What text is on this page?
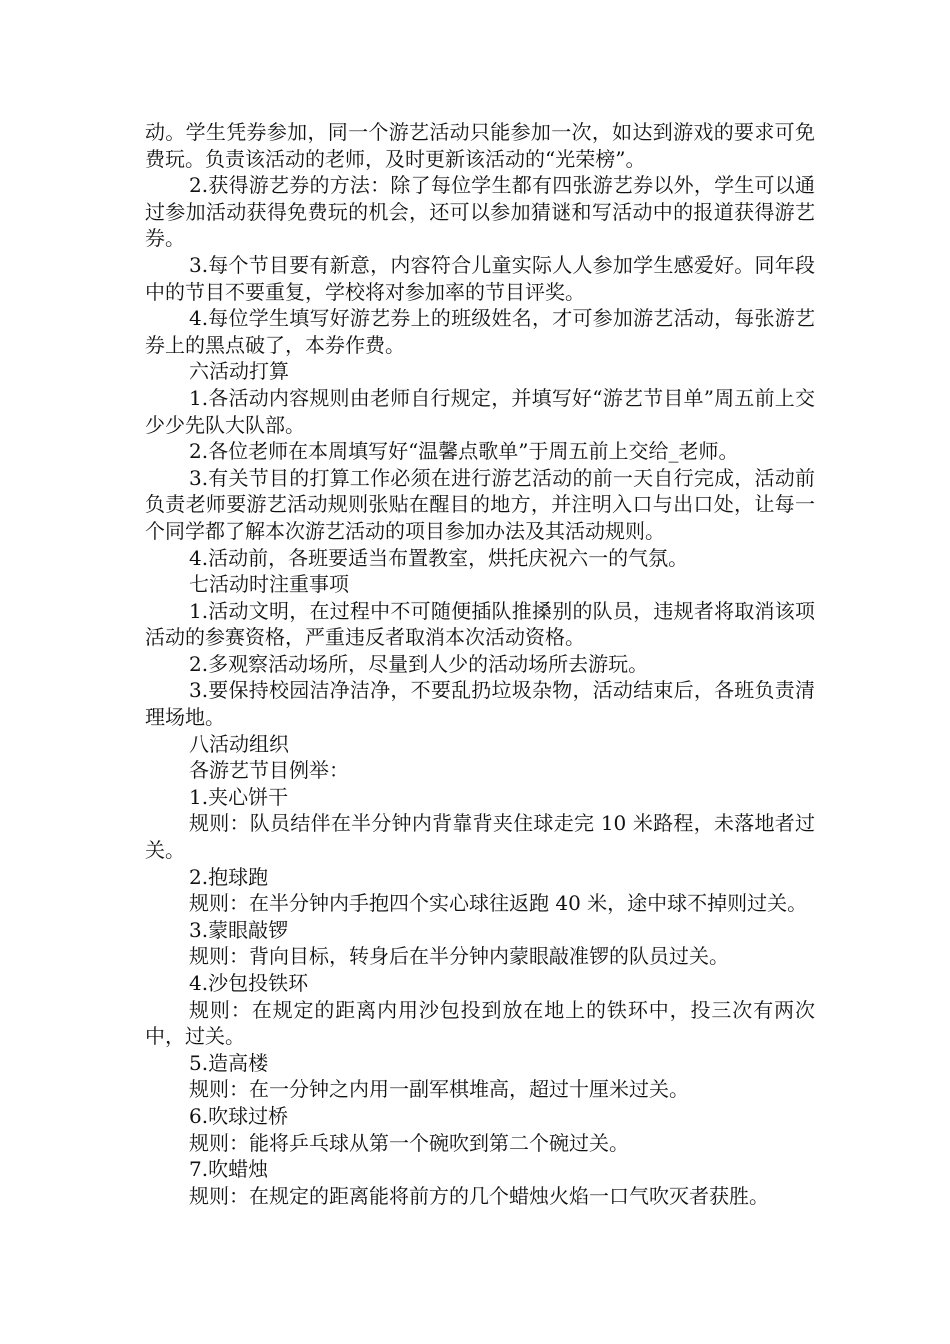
动。学生凭券参加，同一个游艺活动只能参加一次，如达到游戏的要求可免费玩。负责该活动的老师，及时更新该活动的“光荣榜”。

2.获得游艺券的方法：除了每位学生都有四张游艺券以外，学生可以通过参加活动获得免费玩的机会，还可以参加猜谜和写活动中的报道获得游艺券。

3.每个节目要有新意，内容符合儿童实际人人参加学生感爱好。同年段中的节目不要重复，学校将对参加率的节目评奖。

4.每位学生填写好游艺券上的班级姓名，才可参加游艺活动，每张游艺券上的黑点破了，本券作费。

六活动打算

1.各活动内容规则由老师自行规定，并填写好“游艺节目单”周五前上交少少先队大队部。

2.各位老师在本周填写好“温馨点歌单”于周五前上交给_老师。

3.有关节目的打算工作必须在进行游艺活动的前一天自行完成，活动前负责老师要游艺活动规则张贴在醒目的地方，并注明入口与出口处，让每一个同学都了解本次游艺活动的项目参加办法及其活动规则。

4.活动前，各班要适当布置教室，烘托庆祝六一的气氛。

七活动时注重事项

1.活动文明，在过程中不可随便插队推搡别的队员，违规者将取消该项活动的参赛资格，严重违反者取消本次活动资格。

2.多观察活动场所，尽量到人少的活动场所去游玩。

3.要保持校园洁净洁净，不要乱扔垃圾杂物，活动结束后，各班负责清理场地。

八活动组织

各游艺节目例举：

1.夹心饼干

规则：队员结伴在半分钟内背靠背夹住球走完 10 米路程，未落地者过关。

2.抱球跑

规则：在半分钟内手抱四个实心球往返跑 40 米，途中球不掉则过关。

3.蒙眼敲锣

规则：背向目标，转身后在半分钟内蒙眼敲准锣的队员过关。

4.沙包投铁环

规则：在规定的距离内用沙包投到放在地上的铁环中，投三次有两次中，过关。

5.造高楼

规则：在一分钟之内用一副军棋堆高，超过十厘米过关。

6.吹球过桥

规则：能将乒乓球从第一个碗吹到第二个碗过关。

7.吹蜡烛

规则：在规定的距离能将前方的几个蜡烛火焰一口气吹灭者获胜。
